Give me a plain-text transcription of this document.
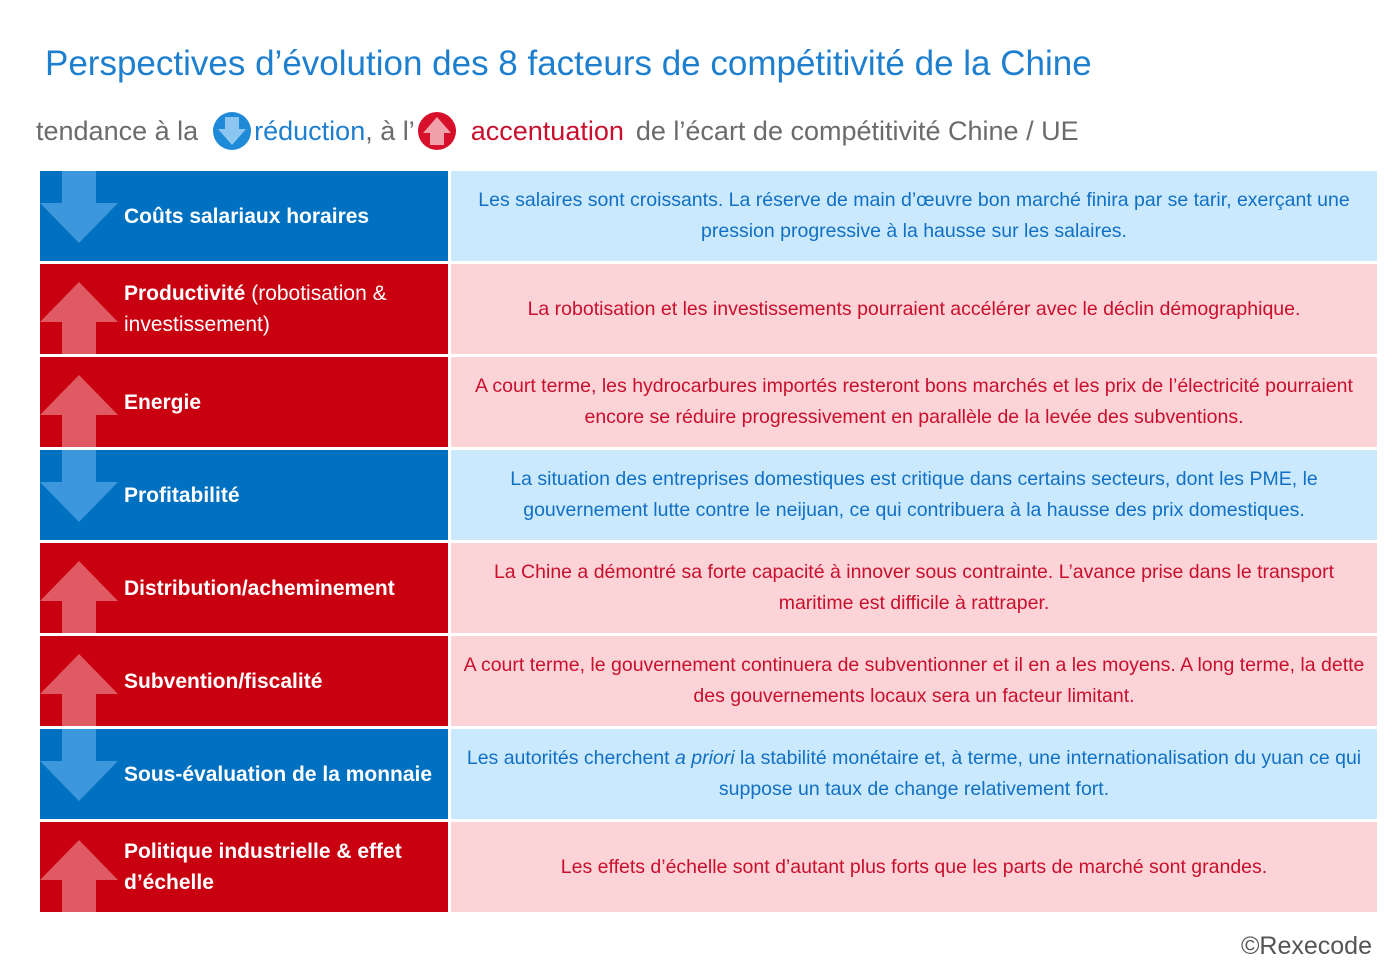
Perspectives d’évolution des 8 facteurs de compétitivité de la Chine
tendance à la réduction , à l’ accentuation de l’écart de compétitivité Chine / UE
Coûts salariaux horaires
Les salaires sont croissants. La réserve de main d’œuvre bon marché finira par se tarir, exerçant une pression progressive à la hausse sur les salaires.
Productivité (robotisation & investissement)
La robotisation et les investissements pourraient accélérer avec le déclin démographique.
Energie
A court terme, les hydrocarbures importés resteront bons marchés et les prix de l’électricité pourraient encore se réduire progressivement en parallèle de la levée des subventions.
Profitabilité
La situation des entreprises domestiques est critique dans certains secteurs, dont les PME, le gouvernement lutte contre le neijuan, ce qui contribuera à la hausse des prix domestiques.
Distribution/acheminement
La Chine a démontré sa forte capacité à innover sous contrainte. L’avance prise dans le transport maritime est difficile à rattraper.
Subvention/fiscalité
A court terme, le gouvernement continuera de subventionner et il en a les moyens. A long terme, la dette des gouvernements locaux sera un facteur limitant.
Sous-évaluation de la monnaie
Les autorités cherchent a priori la stabilité monétaire et, à terme, une internationalisation du yuan ce qui suppose un taux de change relativement fort.
Politique industrielle & effet d’échelle
Les effets d’échelle sont d’autant plus forts que les parts de marché sont grandes.
©Rexecode
